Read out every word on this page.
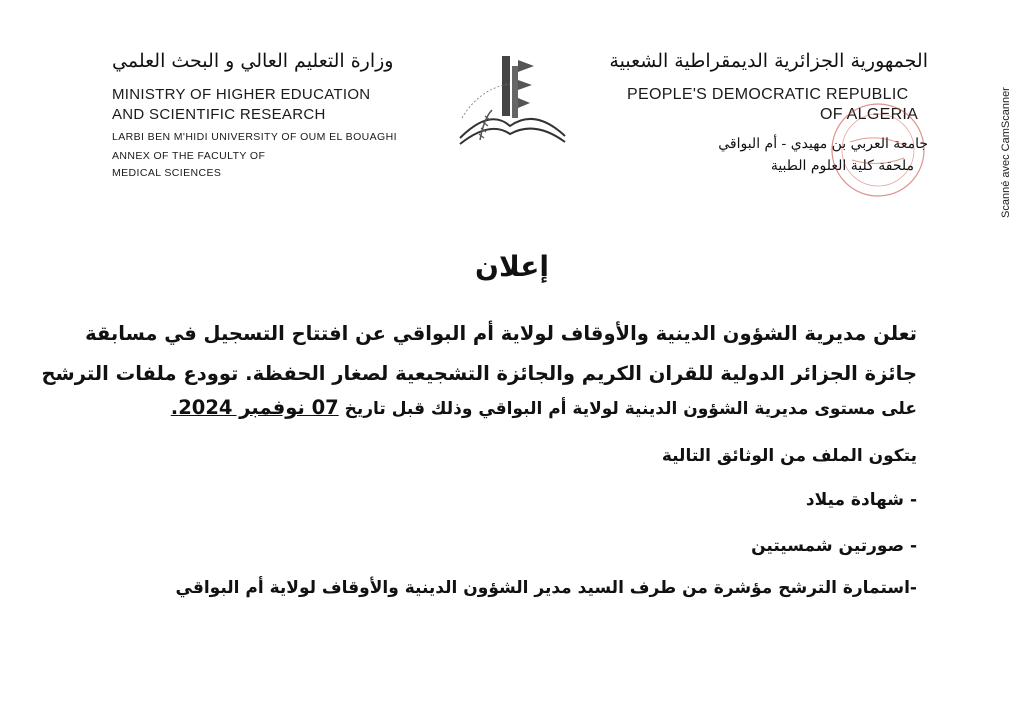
وزارة التعليم العالي و البحث العلمي
MINISTRY OF HIGHER EDUCATION
AND SCIENTIFIC RESEARCH
LARBI BEN M'HIDI UNIVERSITY OF OUM EL BOUAGHI
ANNEX OF THE FACULTY OF
MEDICAL SCIENCES
الجمهورية الجزائرية الديمقراطية الشعبية
PEOPLE'S DEMOCRATIC REPUBLIC
OF ALGERIA
جامعة العربي بن مهيدي - أم البواقي
ملحقة كلية العلوم الطبية	Scanné avec CamScanner
إعلان
تعلن مديرية الشؤون الدينية والأوقاف لولاية أم البواقي عن افتتاح التسجيل في مسابقة
جائزة الجزائر الدولية للقران الكريم والجائزة التشجيعية لصغار الحفظة. توودع ملفات الترشح
على مستوى مديرية الشؤون الدينية لولاية أم البواقي وذلك قبل تاريخ 07 نوفمبر 2024.
يتكون الملف من الوثائق التالية
- شهادة ميلاد
- صورتين شمسيتين
-استمارة الترشح مؤشرة من طرف السيد مدير الشؤون الدينية والأوقاف لولاية أم البواقي
